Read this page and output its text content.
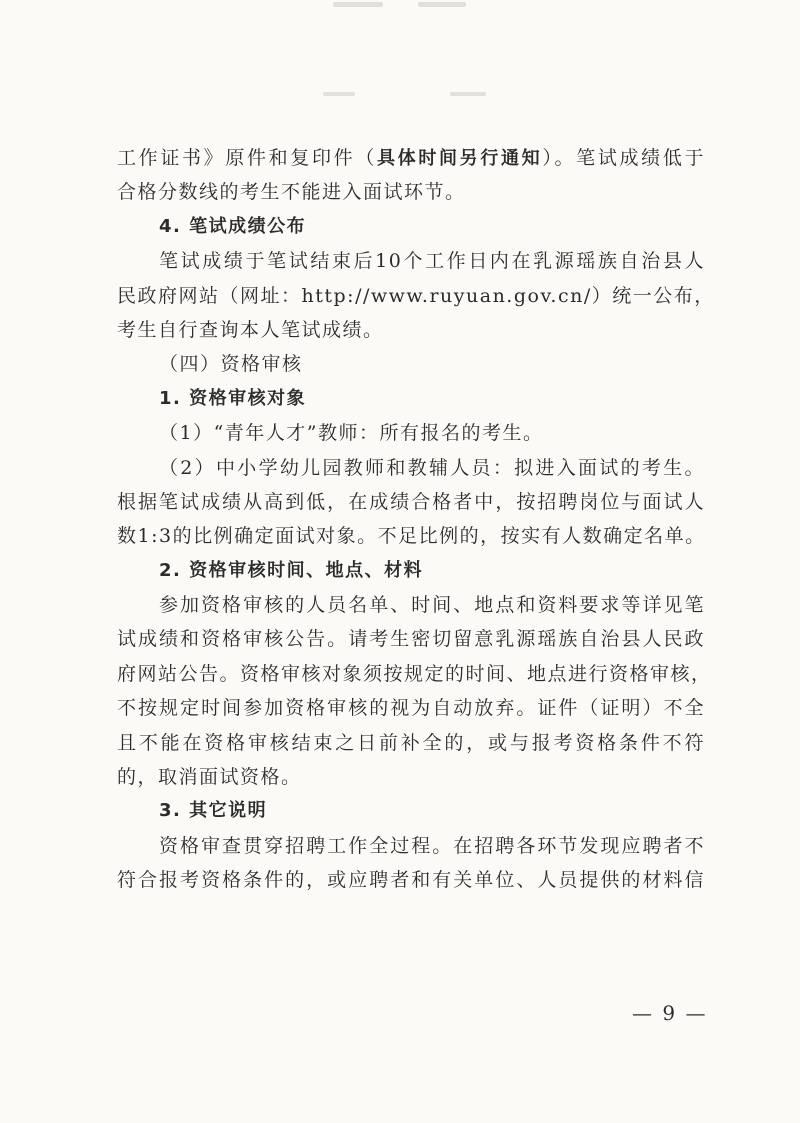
工作证书》原件和复印件（具体时间另行通知）。笔试成绩低于
合格分数线的考生不能进入面试环节。
4. 笔试成绩公布
笔试成绩于笔试结束后10个工作日内在乳源瑶族自治县人
民政府网站（网址：http://www.ruyuan.gov.cn/）统一公布，
考生自行查询本人笔试成绩。
（四）资格审核
1. 资格审核对象
（1）“青年人才”教师：所有报名的考生。
（2）中小学幼儿园教师和教辅人员：拟进入面试的考生。
根据笔试成绩从高到低，在成绩合格者中，按招聘岗位与面试人
数1:3的比例确定面试对象。不足比例的，按实有人数确定名单。
2. 资格审核时间、地点、材料
参加资格审核的人员名单、时间、地点和资料要求等详见笔
试成绩和资格审核公告。请考生密切留意乳源瑶族自治县人民政
府网站公告。资格审核对象须按规定的时间、地点进行资格审核，
不按规定时间参加资格审核的视为自动放弃。证件（证明）不全
且不能在资格审核结束之日前补全的，或与报考资格条件不符
的，取消面试资格。
3. 其它说明
资格审查贯穿招聘工作全过程。在招聘各环节发现应聘者不
符合报考资格条件的，或应聘者和有关单位、人员提供的材料信
— 9 —
